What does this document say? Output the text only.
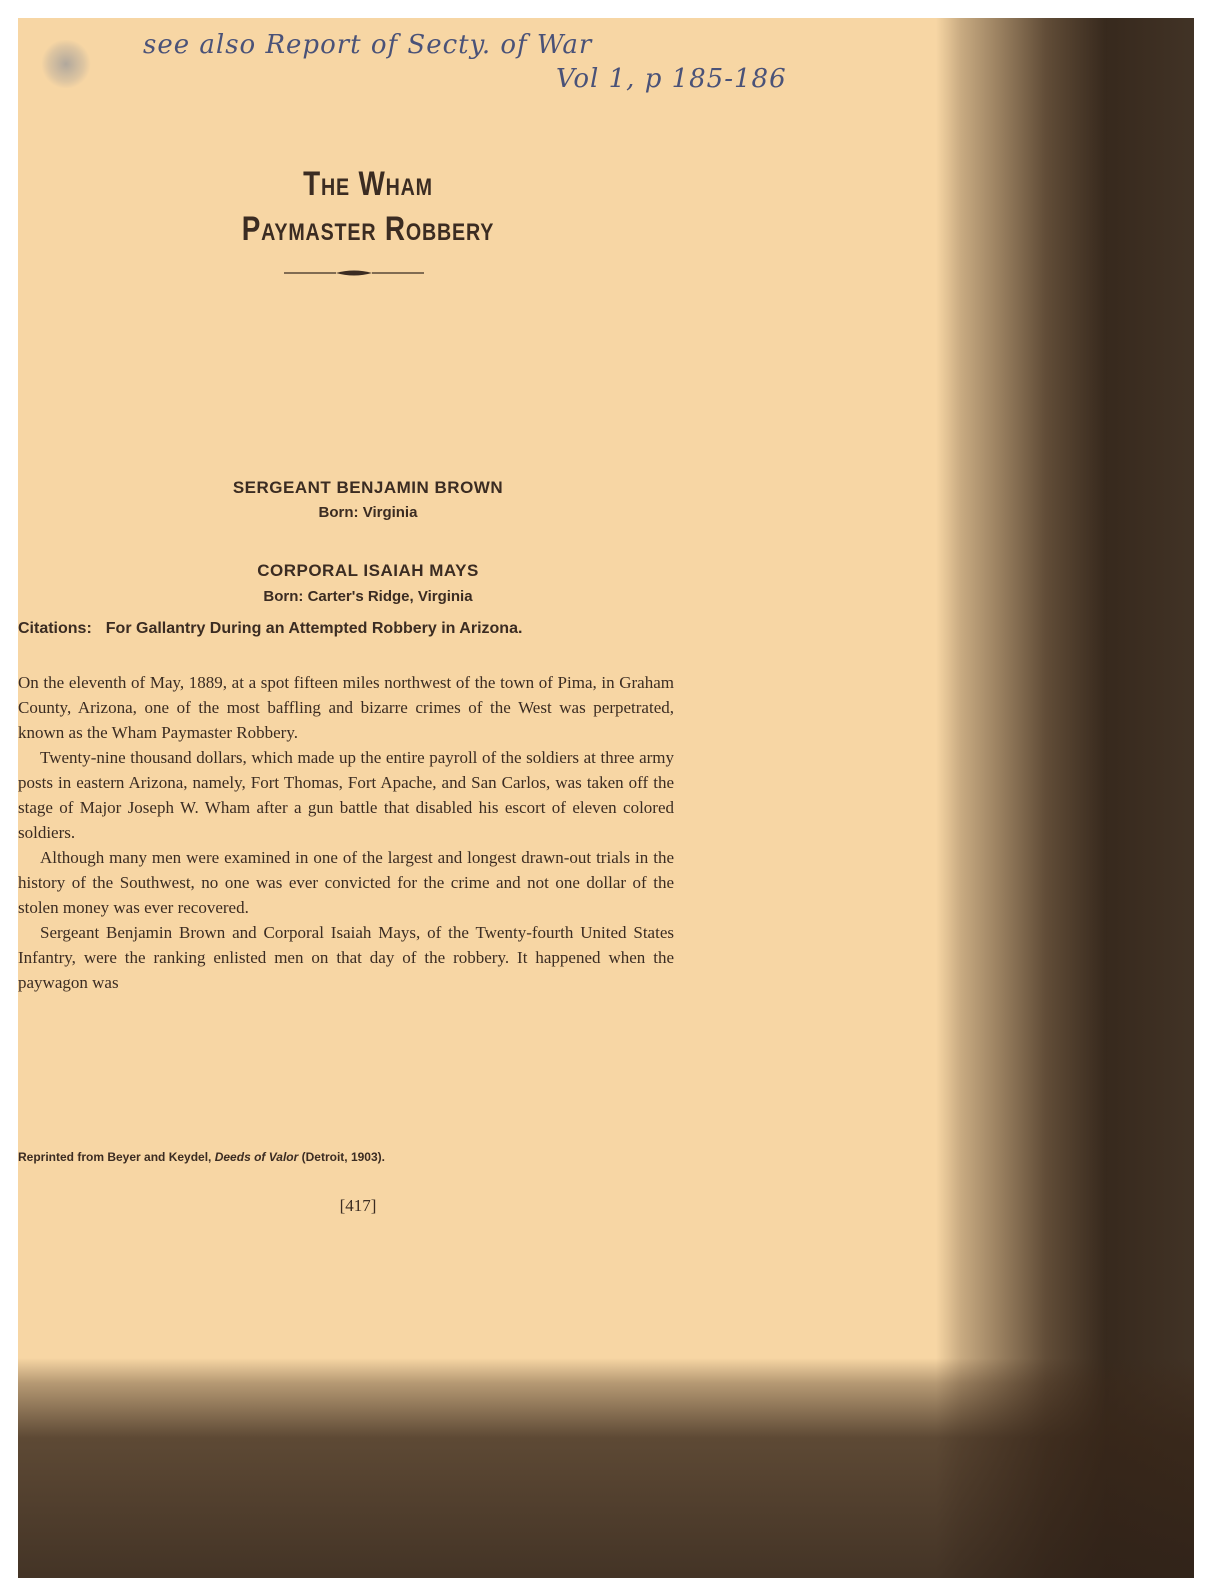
see also Report of Secty. of War
Vol 1, p 185-186
The Wham
Paymaster Robbery
SERGEANT BENJAMIN BROWN
Born: Virginia
CORPORAL ISAIAH MAYS
Born: Carter's Ridge, Virginia
Citations: For Gallantry During an Attempted Robbery in Arizona.

On the eleventh of May, 1889, at a spot fifteen miles northwest of the town of Pima, in Graham County, Arizona, one of the most baffling and bizarre crimes of the West was perpetrated, known as the Wham Paymaster Robbery.

Twenty-nine thousand dollars, which made up the entire payroll of the soldiers at three army posts in eastern Arizona, namely, Fort Thomas, Fort Apache, and San Carlos, was taken off the stage of Major Joseph W. Wham after a gun battle that disabled his escort of eleven colored soldiers.

Although many men were examined in one of the largest and longest drawn-out trials in the history of the Southwest, no one was ever convicted for the crime and not one dollar of the stolen money was ever recovered.

Sergeant Benjamin Brown and Corporal Isaiah Mays, of the Twenty-fourth United States Infantry, were the ranking enlisted men on that day of the robbery. It happened when the paywagon was

Reprinted from Beyer and Keydel, Deeds of Valor (Detroit, 1903).
[417]
